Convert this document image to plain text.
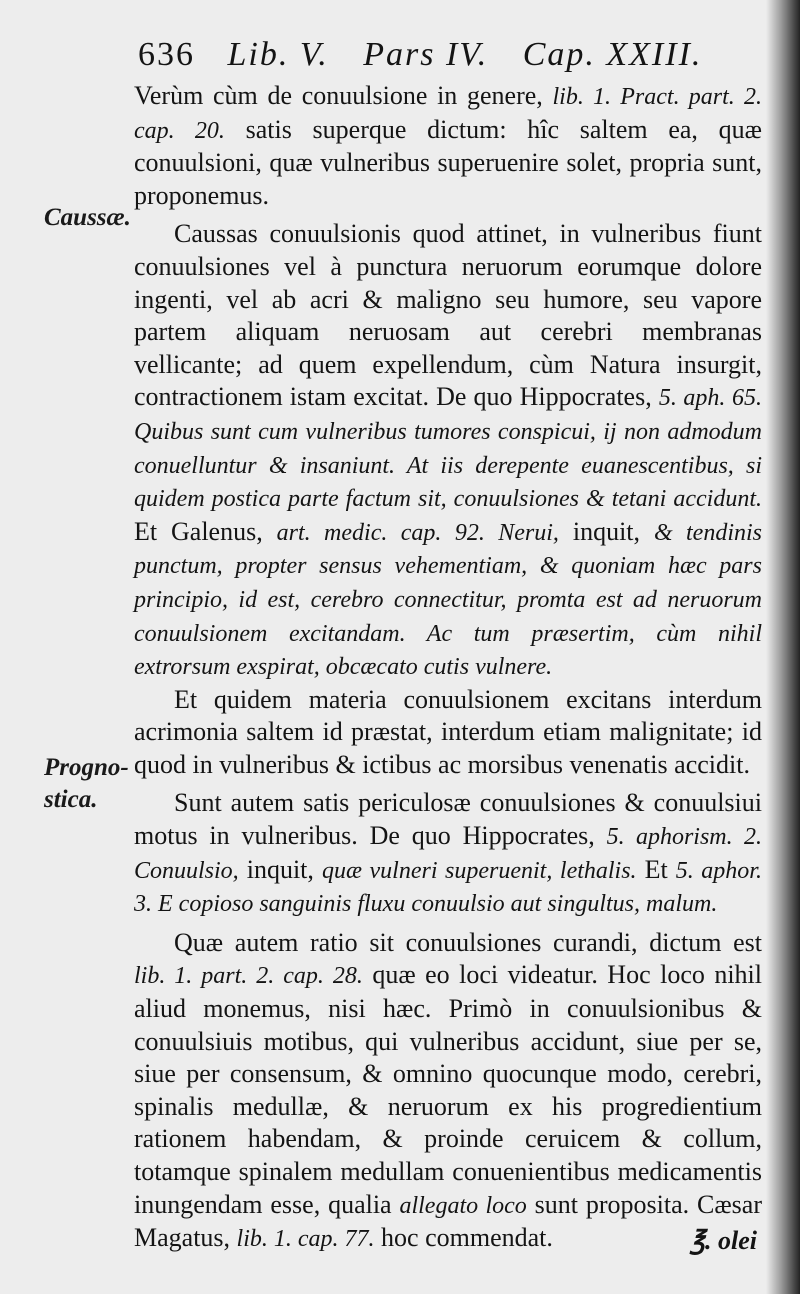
636 Lib. V. Pars IV. Cap. XXIII.
Caussæ.
Progno-
stica.

Verùm cùm de conuulsione in genere, lib. 1. Pract. part. 2. cap. 20. satis superque dictum: hîc saltem ea, quæ conuulsioni, quæ vulneribus superuenire solet, propria sunt, proponemus.

Caussas conuulsionis quod attinet, in vulneribus fiunt conuulsiones vel à punctura neruorum eorumque dolore ingenti, vel ab acri & maligno seu humore, seu vapore partem aliquam neruosam aut cerebri membranas vellicante; ad quem expellendum, cùm Natura insurgit, contractionem istam excitat. De quo Hippocrates, 5. aph. 65. Quibus sunt cum vulneribus tumores conspicui, ij non admodum conuelluntur & insaniunt. At iis derepente euanescentibus, si quidem postica parte factum sit, conuulsiones & tetani accidunt. Et Galenus, art. medic. cap. 92. Nerui, inquit, & tendinis punctum, propter sensus vehementiam, & quoniam hæc pars principio, id est, cerebro connectitur, promta est ad neruorum conuulsionem excitandam. Ac tum præsertim, cùm nihil extrorsum exspirat, obcæcato cutis vulnere.

Et quidem materia conuulsionem excitans interdum acrimonia saltem id præstat, interdum etiam malignitate; id quod in vulneribus & ictibus ac morsibus venenatis accidit.

Sunt autem satis periculosæ conuulsiones & conuulsiui motus in vulneribus. De quo Hippocrates, 5. aphorism. 2. Conuulsio, inquit, quæ vulneri superuenit, lethalis. Et 5. aphor. 3. E copioso sanguinis fluxu conuulsio aut singultus, malum.

Quæ autem ratio sit conuulsiones curandi, dictum est lib. 1. part. 2. cap. 28. quæ eo loci videatur. Hoc loco nihil aliud monemus, nisi hæc. Primò in conuulsionibus & conuulsiuis motibus, qui vulneribus accidunt, siue per se, siue per consensum, & omnino quocunque modo, cerebri, spinalis medullæ, & neruorum ex his progredientium rationem habendam, & proinde ceruicem & collum, totamque spinalem medullam conuenientibus medicamentis inungendam esse, qualia allegato loco sunt proposita. Cæsar Magatus, lib. 1. cap. 77. hoc commendat.	℥. olei
